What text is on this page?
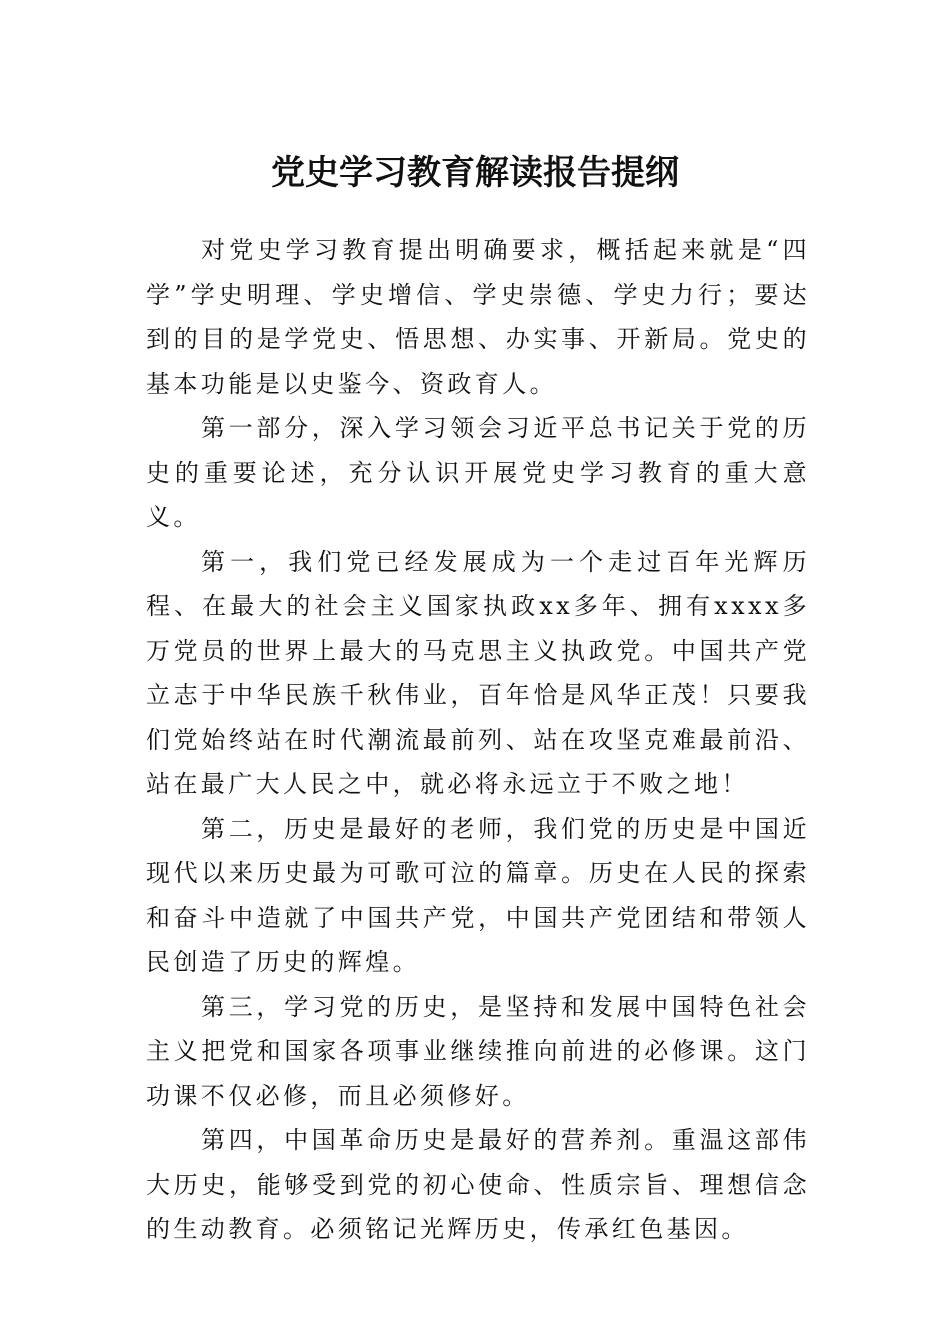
党史学习教育解读报告提纲

对党史学习教育提出明确要求，概括起来就是“四学”学史明理、学史增信、学史崇德、学史力行；要达到的目的是学党史、悟思想、办实事、开新局。党史的基本功能是以史鉴今、资政育人。

第一部分，深入学习领会习近平总书记关于党的历史的重要论述，充分认识开展党史学习教育的重大意义。

第一，我们党已经发展成为一个走过百年光辉历程、在最大的社会主义国家执政xx多年、拥有xxxx多万党员的世界上最大的马克思主义执政党。中国共产党立志于中华民族千秋伟业，百年恰是风华正茂！只要我们党始终站在时代潮流最前列、站在攻坚克难最前沿、站在最广大人民之中，就必将永远立于不败之地！

第二，历史是最好的老师，我们党的历史是中国近现代以来历史最为可歌可泣的篇章。历史在人民的探索和奋斗中造就了中国共产党，中国共产党团结和带领人民创造了历史的辉煌。

第三，学习党的历史，是坚持和发展中国特色社会主义把党和国家各项事业继续推向前进的必修课。这门功课不仅必修，而且必须修好。

第四，中国革命历史是最好的营养剂。重温这部伟大历史，能够受到党的初心使命、性质宗旨、理想信念的生动教育。必须铭记光辉历史，传承红色基因。
